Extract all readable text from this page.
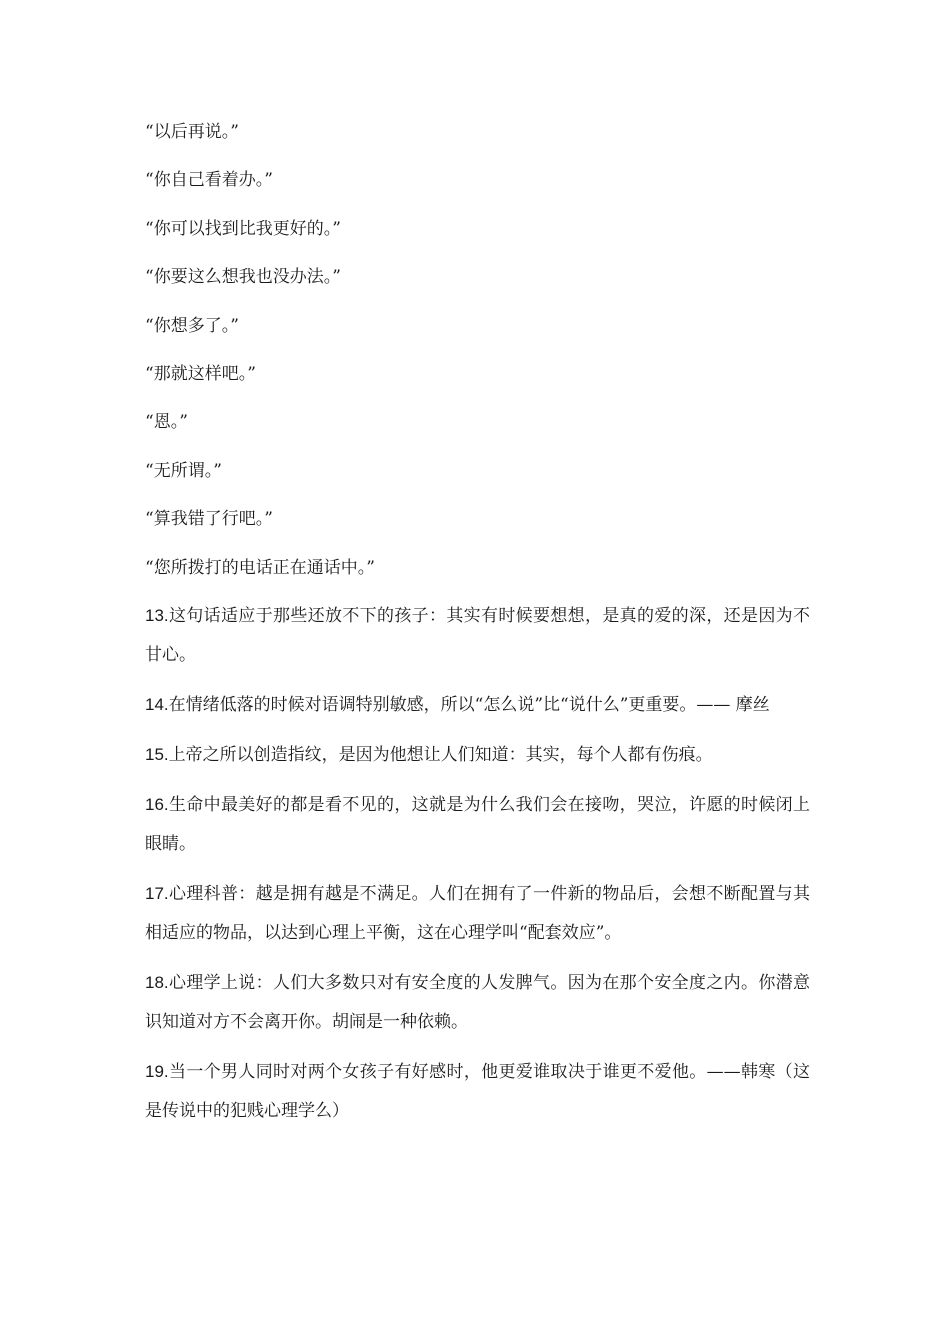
“以后再说。”
“你自己看着办。”
“你可以找到比我更好的。”
“你要这么想我也没办法。”
“你想多了。”
“那就这样吧。”
“恩。”
“无所谓。”
“算我错了行吧。”
“您所拨打的电话正在通话中。”

13.这句话适应于那些还放不下的孩子：其实有时候要想想，是真的爱的深，还是因为不甘心。

14.在情绪低落的时候对语调特别敏感，所以“怎么说”比“说什么”更重要。—— 摩丝

15.上帝之所以创造指纹，是因为他想让人们知道：其实，每个人都有伤痕。

16.生命中最美好的都是看不见的，这就是为什么我们会在接吻，哭泣，许愿的时候闭上眼睛。

17.心理科普：越是拥有越是不满足。人们在拥有了一件新的物品后，会想不断配置与其相适应的物品，以达到心理上平衡，这在心理学叫“配套效应”。

18.心理学上说：人们大多数只对有安全度的人发脾气。因为在那个安全度之内。你潜意识知道对方不会离开你。胡闹是一种依赖。

19.当一个男人同时对两个女孩子有好感时，他更爱谁取决于谁更不爱他。——韩寒（这是传说中的犯贱心理学么）
